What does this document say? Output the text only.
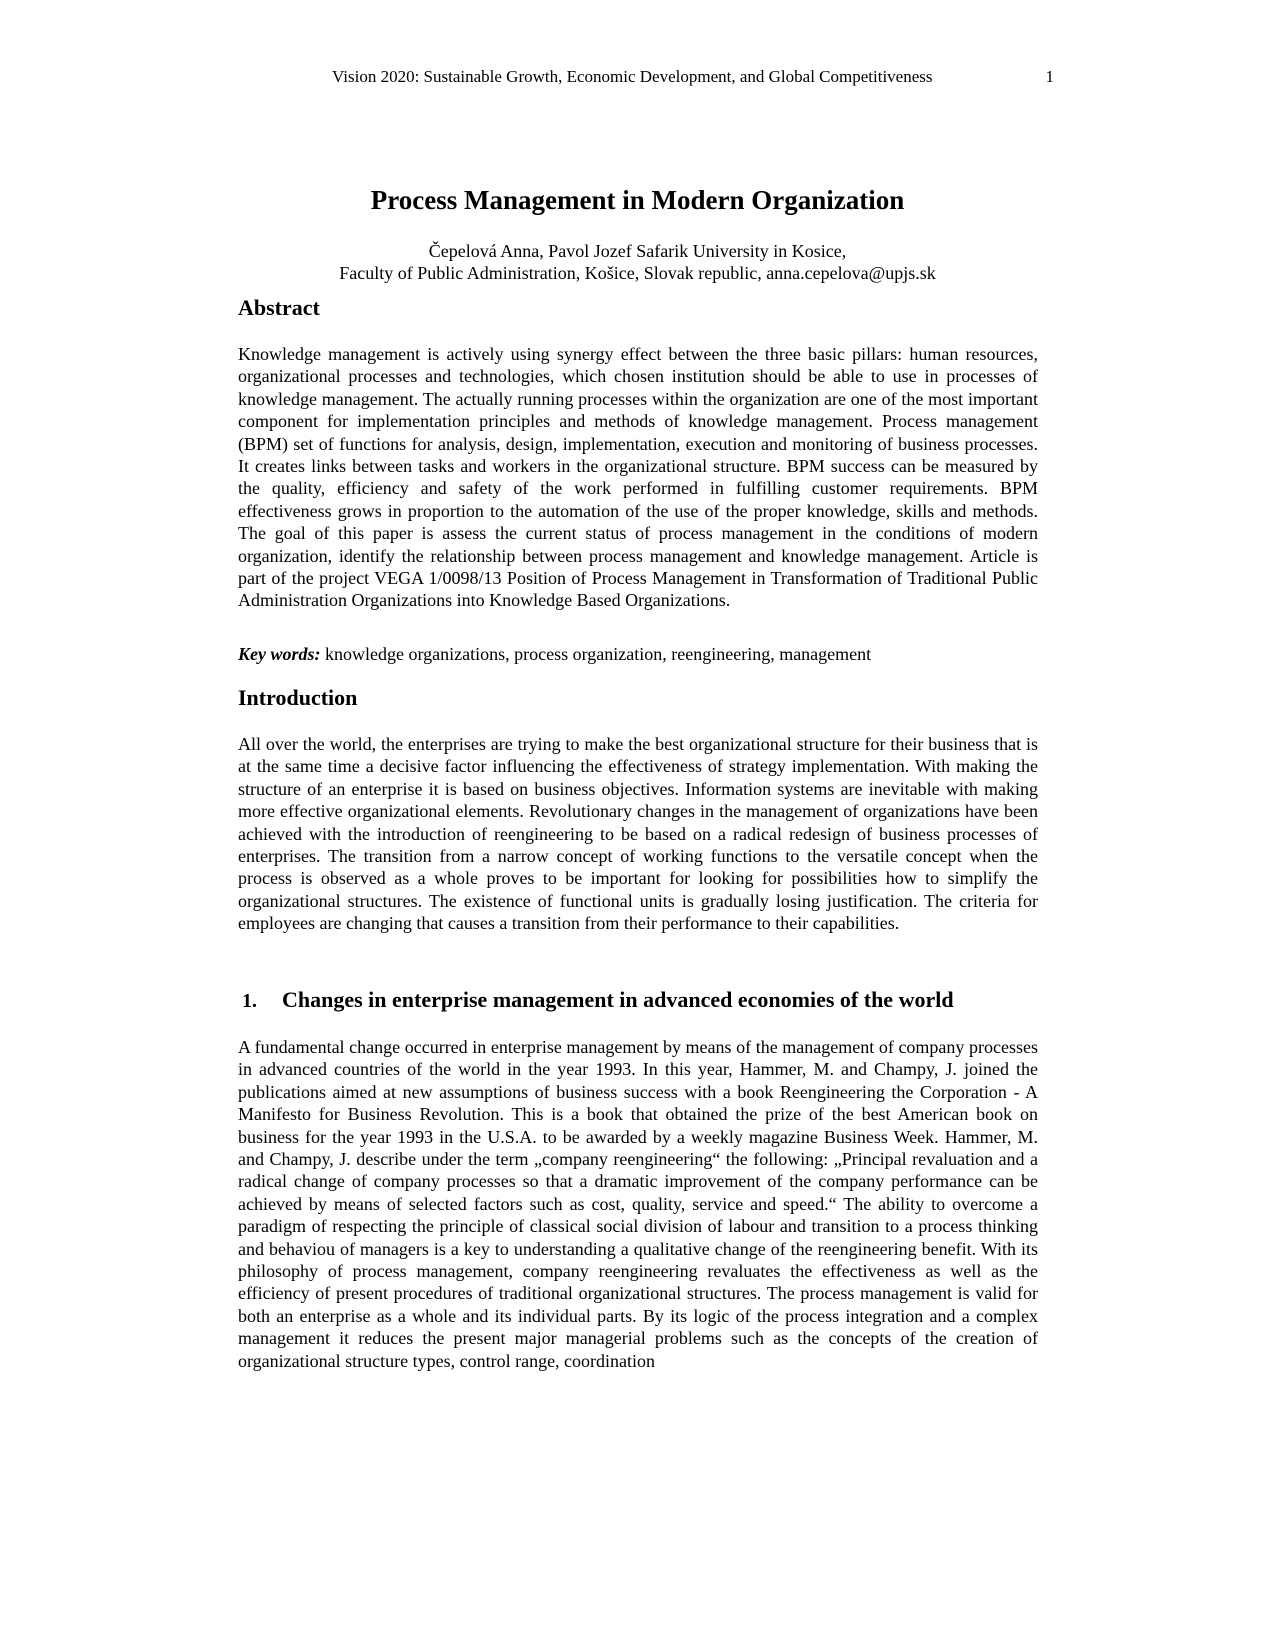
Vision 2020: Sustainable Growth, Economic Development, and Global Competitiveness	1
Process Management in Modern Organization
Čepelová Anna, Pavol Jozef Safarik University in Kosice,
Faculty of Public Administration, Košice, Slovak republic, anna.cepelova@upjs.sk
Abstract

Knowledge management is actively using synergy effect between the three basic pillars: human resources, organizational processes and technologies, which chosen institution should be able to use in processes of knowledge management. The actually running processes within the organization are one of the most important component for implementation principles and methods of knowledge management. Process management (BPM) set of functions for analysis, design, implementation, execution and monitoring of business processes. It creates links between tasks and workers in the organizational structure. BPM success can be measured by the quality, efficiency and safety of the work performed in fulfilling customer requirements. BPM effectiveness grows in proportion to the automation of the use of the proper knowledge, skills and methods. The goal of this paper is assess the current status of process management in the conditions of modern organization, identify the relationship between process management and knowledge management. Article is part of the project VEGA 1/0098/13 Position of Process Management in Transformation of Traditional Public Administration Organizations into Knowledge Based Organizations.

Key words: knowledge organizations, process organization, reengineering, management

Introduction

All over the world, the enterprises are trying to make the best organizational structure for their business that is at the same time a decisive factor influencing the effectiveness of strategy implementation. With making the structure of an enterprise it is based on business objectives. Information systems are inevitable with making more effective organizational elements. Revolutionary changes in the management of organizations have been achieved with the introduction of reengineering to be based on a radical redesign of business processes of enterprises. The transition from a narrow concept of working functions to the versatile concept when the process is observed as a whole proves to be important for looking for possibilities how to simplify the organizational structures. The existence of functional units is gradually losing justification. The criteria for employees are changing that causes a transition from their performance to their capabilities.

1.	Changes in enterprise management in advanced economies of the world

A fundamental change occurred in enterprise management by means of the management of company processes in advanced countries of the world in the year 1993. In this year, Hammer, M. and Champy, J. joined the publications aimed at new assumptions of business success with a book Reengineering the Corporation - A Manifesto for Business Revolution. This is a book that obtained the prize of the best American book on business for the year 1993 in the U.S.A. to be awarded by a weekly magazine Business Week. Hammer, M. and Champy, J. describe under the term „company reengineering“ the following: „Principal revaluation and a radical change of company processes so that a dramatic improvement of the company performance can be achieved by means of selected factors such as cost, quality, service and speed.“ The ability to overcome a paradigm of respecting the principle of classical social division of labour and transition to a process thinking and behaviou of managers is a key to understanding a qualitative change of the reengineering benefit. With its philosophy of process management, company reengineering revaluates the effectiveness as well as the efficiency of present procedures of traditional organizational structures. The process management is valid for both an enterprise as a whole and its individual parts. By its logic of the process integration and a complex management it reduces the present major managerial problems such as the concepts of the creation of organizational structure types, control range, coordination
